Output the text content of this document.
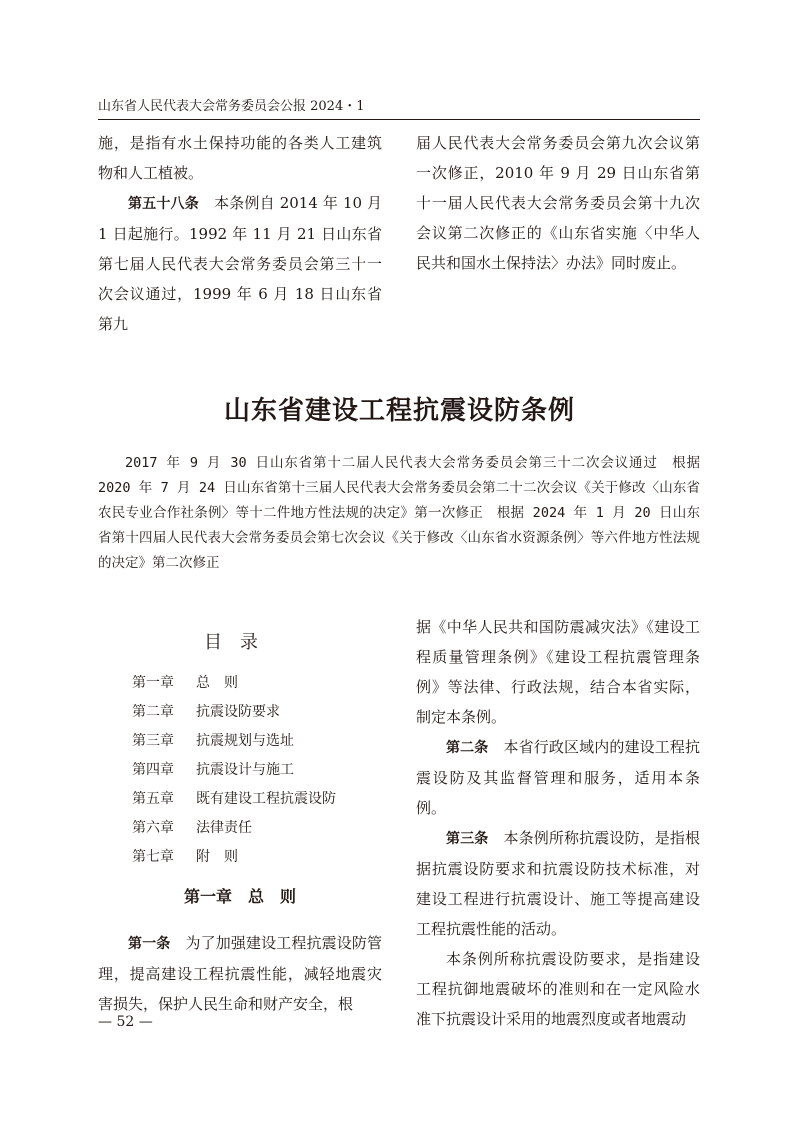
山东省人民代表大会常务委员会公报 2024・1

施，是指有水土保持功能的各类人工建筑物和人工植被。

第五十八条　本条例自 2014 年 10 月 1 日起施行。1992 年 11 月 21 日山东省第七届人民代表大会常务委员会第三十一次会议通过，1999 年 6 月 18 日山东省第九

届人民代表大会常务委员会第九次会议第一次修正，2010 年 9 月 29 日山东省第十一届人民代表大会常务委员会第十九次会议第二次修正的《山东省实施〈中华人民共和国水土保持法〉办法》同时废止。

山东省建设工程抗震设防条例

2017 年 9 月 30 日山东省第十二届人民代表大会常务委员会第三十二次会议通过　根据 2020 年 7 月 24 日山东省第十三届人民代表大会常务委员会第二十二次会议《关于修改〈山东省农民专业合作社条例〉等十二件地方性法规的决定》第一次修正　根据 2024 年 1 月 20 日山东省第十四届人民代表大会常务委员会第七次会议《关于修改〈山东省水资源条例〉等六件地方性法规的决定》第二次修正

目录
第一章	总　则
第二章	抗震设防要求
第三章	抗震规划与选址
第四章	抗震设计与施工
第五章	既有建设工程抗震设防
第六章	法律责任
第七章	附　则
第一章　总　则

第一条　为了加强建设工程抗震设防管理，提高建设工程抗震性能，减轻地震灾害损失，保护人民生命和财产安全，根

据《中华人民共和国防震减灾法》《建设工程质量管理条例》《建设工程抗震管理条例》等法律、行政法规，结合本省实际，制定本条例。

第二条　本省行政区域内的建设工程抗震设防及其监督管理和服务，适用本条例。

第三条　本条例所称抗震设防，是指根据抗震设防要求和抗震设防技术标准，对建设工程进行抗震设计、施工等提高建设工程抗震性能的活动。

本条例所称抗震设防要求，是指建设工程抗御地震破坏的准则和在一定风险水准下抗震设计采用的地震烈度或者地震动

— 52 —
